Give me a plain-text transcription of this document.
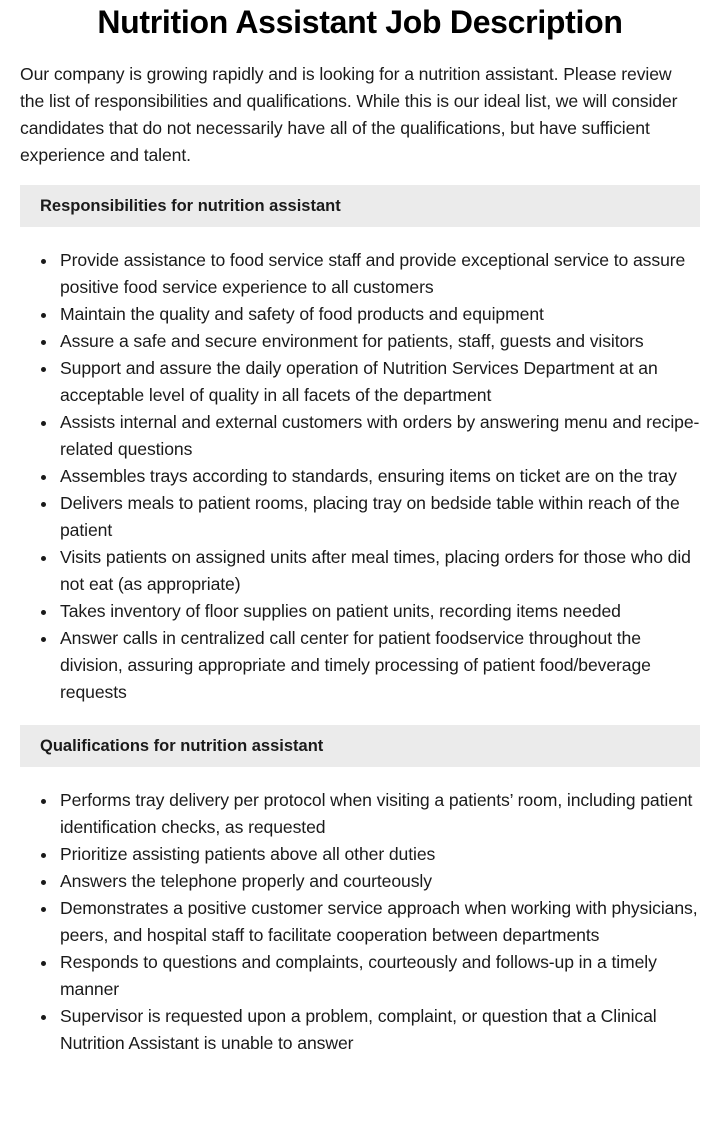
Nutrition Assistant Job Description

Our company is growing rapidly and is looking for a nutrition assistant. Please review the list of responsibilities and qualifications. While this is our ideal list, we will consider candidates that do not necessarily have all of the qualifications, but have sufficient experience and talent.

Responsibilities for nutrition assistant
Provide assistance to food service staff and provide exceptional service to assure positive food service experience to all customers
Maintain the quality and safety of food products and equipment
Assure a safe and secure environment for patients, staff, guests and visitors
Support and assure the daily operation of Nutrition Services Department at an acceptable level of quality in all facets of the department
Assists internal and external customers with orders by answering menu and recipe-related questions
Assembles trays according to standards, ensuring items on ticket are on the tray
Delivers meals to patient rooms, placing tray on bedside table within reach of the patient
Visits patients on assigned units after meal times, placing orders for those who did not eat (as appropriate)
Takes inventory of floor supplies on patient units, recording items needed
Answer calls in centralized call center for patient foodservice throughout the division, assuring appropriate and timely processing of patient food/beverage requests
Qualifications for nutrition assistant
Performs tray delivery per protocol when visiting a patients’ room, including patient identification checks, as requested
Prioritize assisting patients above all other duties
Answers the telephone properly and courteously
Demonstrates a positive customer service approach when working with physicians, peers, and hospital staff to facilitate cooperation between departments
Responds to questions and complaints, courteously and follows-up in a timely manner
Supervisor is requested upon a problem, complaint, or question that a Clinical Nutrition Assistant is unable to answer
